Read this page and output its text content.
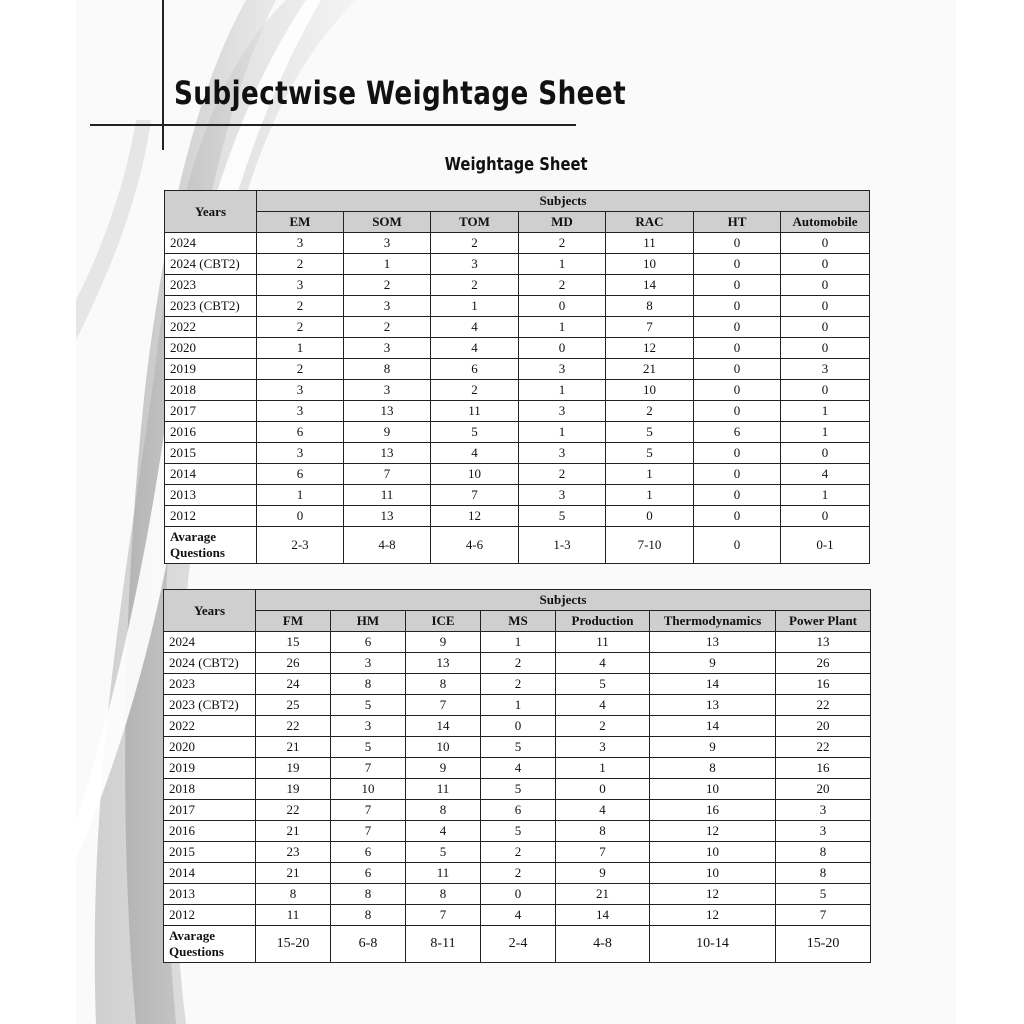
Subjectwise Weightage Sheet
Weightage Sheet
Years	Subjects						
	EM	SOM	TOM	MD	RAC	HT	Automobile
2024	3	3	2	2	11	0	0
2024 (CBT2)	2	1	3	1	10	0	0
2023	3	2	2	2	14	0	0
2023 (CBT2)	2	3	1	0	8	0	0
2022	2	2	4	1	7	0	0
2020	1	3	4	0	12	0	0
2019	2	8	6	3	21	0	3
2018	3	3	2	1	10	0	0
2017	3	13	11	3	2	0	1
2016	6	9	5	1	5	6	1
2015	3	13	4	3	5	0	0
2014	6	7	10	2	1	0	4
2013	1	11	7	3	1	0	1
2012	0	13	12	5	0	0	0
Avarage Questions	2-3	4-8	4-6	1-3	7-10	0	0-1
Years	Subjects						
	FM	HM	ICE	MS	Production	Thermodynamics	Power Plant
2024	15	6	9	1	11	13	13
2024 (CBT2)	26	3	13	2	4	9	26
2023	24	8	8	2	5	14	16
2023 (CBT2)	25	5	7	1	4	13	22
2022	22	3	14	0	2	14	20
2020	21	5	10	5	3	9	22
2019	19	7	9	4	1	8	16
2018	19	10	11	5	0	10	20
2017	22	7	8	6	4	16	3
2016	21	7	4	5	8	12	3
2015	23	6	5	2	7	10	8
2014	21	6	11	2	9	10	8
2013	8	8	8	0	21	12	5
2012	11	8	7	4	14	12	7
Avarage Questions	15-20	6-8	8-11	2-4	4-8	10-14	15-20
